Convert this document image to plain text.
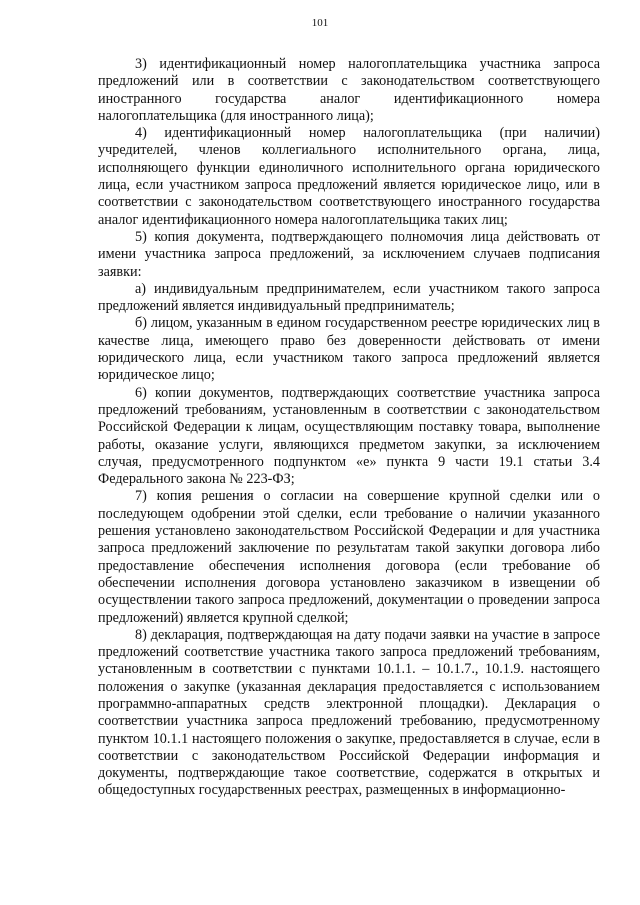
101

3) идентификационный номер налогоплательщика участника запроса предложений или в соответствии с законодательством соответствующего иностранного государства аналог идентификационного номера налогоплательщика (для иностранного лица);

4) идентификационный номер налогоплательщика (при наличии) учредителей, членов коллегиального исполнительного органа, лица, исполняющего функции единоличного исполнительного органа юридического лица, если участником запроса предложений является юридическое лицо, или в соответствии с законодательством соответствующего иностранного государства аналог идентификационного номера налогоплательщика таких лиц;

5) копия документа, подтверждающего полномочия лица действовать от имени участника запроса предложений, за исключением случаев подписания заявки:

а) индивидуальным предпринимателем, если участником такого запроса предложений является индивидуальный предприниматель;

б) лицом, указанным в едином государственном реестре юридических лиц в качестве лица, имеющего право без доверенности действовать от имени юридического лица, если участником такого запроса предложений является юридическое лицо;

6) копии документов, подтверждающих соответствие участника запроса предложений требованиям, установленным в соответствии с законодательством Российской Федерации к лицам, осуществляющим поставку товара, выполнение работы, оказание услуги, являющихся предметом закупки, за исключением случая, предусмотренного подпунктом «е» пункта 9 части 19.1 статьи 3.4 Федерального закона № 223-ФЗ;

7) копия решения о согласии на совершение крупной сделки или о последующем одобрении этой сделки, если требование о наличии указанного решения установлено законодательством Российской Федерации и для участника запроса предложений заключение по результатам такой закупки договора либо предоставление обеспечения исполнения договора (если требование об обеспечении исполнения договора установлено заказчиком в извещении об осуществлении такого запроса предложений, документации о проведении запроса предложений) является крупной сделкой;

8) декларация, подтверждающая на дату подачи заявки на участие в запросе предложений соответствие участника такого запроса предложений требованиям, установленным в соответствии с пунктами 10.1.1. – 10.1.7., 10.1.9. настоящего положения о закупке (указанная декларация предоставляется с использованием программно-аппаратных средств электронной площадки). Декларация о соответствии участника запроса предложений требованию, предусмотренному пунктом 10.1.1 настоящего положения о закупке, предоставляется в случае, если в соответствии с законодательством Российской Федерации информация и документы, подтверждающие такое соответствие, содержатся в открытых и общедоступных государственных реестрах, размещенных в информационно-
